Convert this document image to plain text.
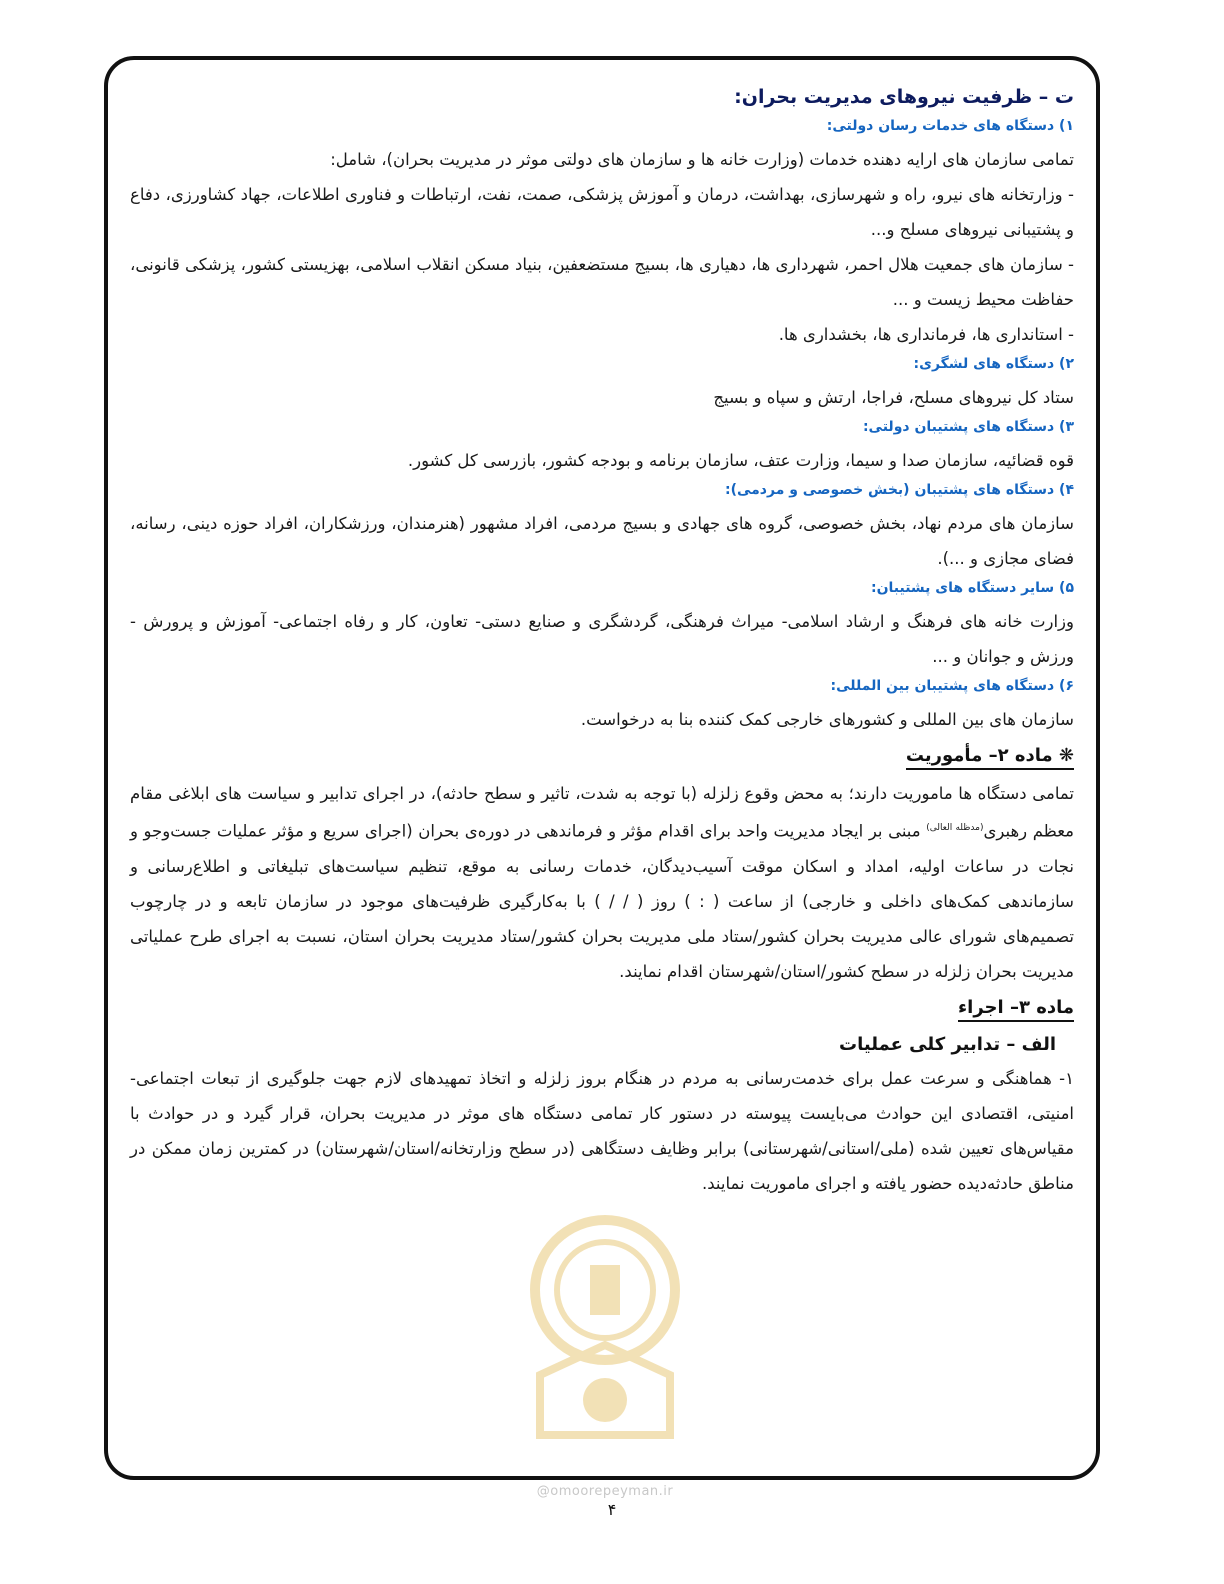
ت – ظرفیت نیروهای مدیریت بحران:
۱) دستگاه های خدمات رسان دولتی:

تمامی سازمان های ارایه دهنده خدمات (وزارت خانه ها و سازمان های دولتی موثر در مدیریت بحران)، شامل:

- وزارتخانه های نیرو، راه و شهرسازی، بهداشت، درمان و آموزش پزشکی، صمت، نفت، ارتباطات و فناوری اطلاعات، جهاد کشاورزی، دفاع و پشتیبانی نیروهای مسلح و...

- سازمان های جمعیت هلال احمر، شهرداری ها، دهیاری ها، بسیج مستضعفین، بنیاد مسکن انقلاب اسلامی، بهزیستی کشور، پزشکی قانونی، حفاظت محیط زیست و ...

- استانداری ها، فرمانداری ها، بخشداری ها.

۲) دستگاه های لشگری:

ستاد کل نیروهای مسلح، فراجا، ارتش و سپاه و بسیج

۳) دستگاه های پشتیبان دولتی:

قوه قضائیه، سازمان صدا و سیما، وزارت عتف، سازمان برنامه و بودجه کشور، بازرسی کل کشور.

۴) دستگاه های پشتیبان (بخش خصوصی و مردمی):

سازمان های مردم نهاد، بخش خصوصی، گروه های جهادی و بسیج مردمی، افراد مشهور (هنرمندان، ورزشکاران، افراد حوزه دینی، رسانه، فضای مجازی و ...).

۵) سایر دستگاه های پشتیبان:

وزارت خانه های فرهنگ و ارشاد اسلامی- میراث فرهنگی، گردشگری و صنایع دستی- تعاون، کار و رفاه اجتماعی- آموزش و پرورش - ورزش و جوانان و ...

۶) دستگاه های پشتیبان بین المللی:

سازمان های بین المللی و کشورهای خارجی کمک کننده بنا به درخواست.

❋ ماده ۲– مأموریت

تمامی دستگاه ها ماموریت دارند؛ به محض وقوع زلزله (با توجه به شدت، تاثیر و سطح حادثه)، در اجرای تدابیر و سیاست های ابلاغی مقام معظم رهبری$^{(مدظله العالی)}$ مبنی بر ایجاد مدیریت واحد برای اقدام مؤثر و فرماندهی در دوره‌ی بحران (اجرای سریع و مؤثر عملیات جست‌وجو و نجات در ساعات اولیه، امداد و اسکان موقت آسیب‌دیدگان، خدمات رسانی به موقع، تنظیم سیاست‌های تبلیغاتی و اطلاع‌رسانی و سازماندهی کمک‌های داخلی و خارجی) از ساعت ( : ) روز ( / / ) با به‌کارگیری ظرفیت‌های موجود در سازمان تابعه و در چارچوب تصمیم‌های شورای عالی مدیریت بحران کشور/ستاد ملی مدیریت بحران کشور/ستاد مدیریت بحران استان، نسبت به اجرای طرح عملیاتی مدیریت بحران زلزله در سطح کشور/استان/شهرستان اقدام نمایند.

ماده ۳– اجراء
الف – تدابیر کلی عملیات

۱- هماهنگی و سرعت عمل برای خدمت‌رسانی به مردم در هنگام بروز زلزله و اتخاذ تمهیدهای لازم جهت جلوگیری از تبعات اجتماعی- امنیتی، اقتصادی این حوادث می‌بایست پیوسته در دستور کار تمامی دستگاه های موثر در مدیریت بحران، قرار گیرد و در حوادث با مقیاس‌های تعیین شده (ملی/استانی/شهرستانی) برابر وظایف دستگاهی (در سطح وزارتخانه/استان/شهرستان) در کمترین زمان ممکن در مناطق حادثه‌دیده حضور یافته و اجرای ماموریت نمایند.

@omoorepeyman.ir
۴
